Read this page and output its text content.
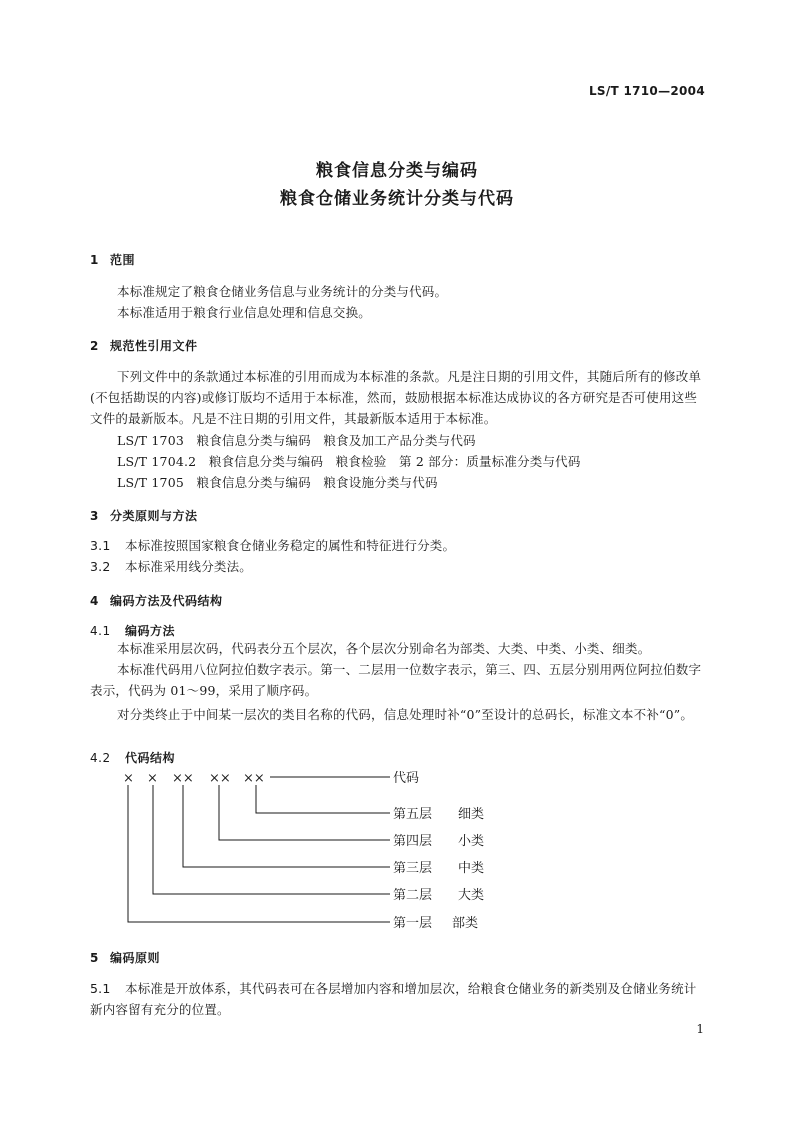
LS/T 1710—2004
粮食信息分类与编码
粮食仓储业务统计分类与代码
1 范围
本标准规定了粮食仓储业务信息与业务统计的分类与代码。
本标准适用于粮食行业信息处理和信息交换。
2 规范性引用文件
下列文件中的条款通过本标准的引用而成为本标准的条款。凡是注日期的引用文件，其随后所有的修改单(不包括勘误的内容)或修订版均不适用于本标准，然而，鼓励根据本标准达成协议的各方研究是否可使用这些文件的最新版本。凡是不注日期的引用文件，其最新版本适用于本标准。
LS/T 1703   粮食信息分类与编码   粮食及加工产品分类与代码
LS/T 1704.2   粮食信息分类与编码   粮食检验   第 2 部分：质量标准分类与代码
LS/T 1705   粮食信息分类与编码   粮食设施分类与代码
3 分类原则与方法
3.1 本标准按照国家粮食仓储业务稳定的属性和特征进行分类。
3.2 本标准采用线分类法。
4 编码方法及代码结构
4.1 编码方法
本标准采用层次码，代码表分五个层次，各个层次分别命名为部类、大类、中类、小类、细类。
本标准代码用八位阿拉伯数字表示。第一、二层用一位数字表示，第三、四、五层分别用两位阿拉伯数字表示，代码为 01～99，采用了顺序码。
对分类终止于中间某一层次的类目名称的代码，信息处理时补“0”至设计的总码长，标准文本不补“0”。
4.2 代码结构
× × ×× ×× ××	代码
第五层 细类
第四层 小类
第三层 中类
第二层 大类
第一层 部类
5 编码原则
5.1 本标准是开放体系，其代码表可在各层增加内容和增加层次，给粮食仓储业务的新类别及仓储业务统计新内容留有充分的位置。
1
